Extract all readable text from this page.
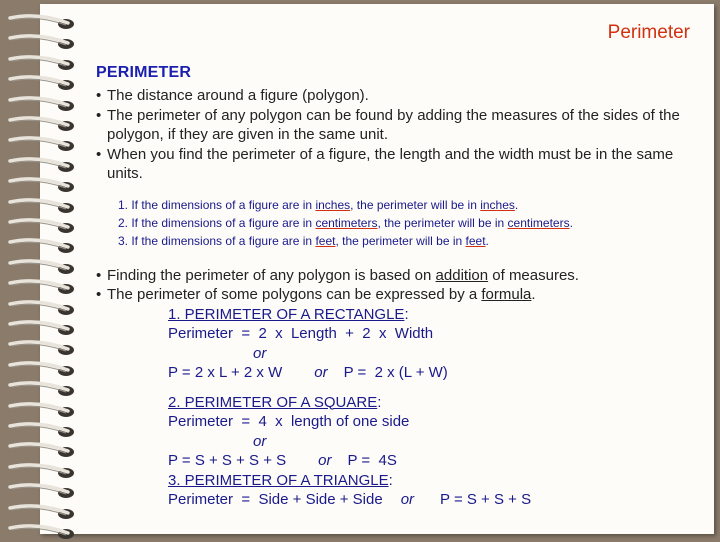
Perimeter
PERIMETER
• The distance around a figure (polygon).
• The perimeter of any polygon can be found by adding the measures of the sides of the polygon, if they are given in the same unit.
• When you find the perimeter of a figure, the length and the width must be in the same units.
1. If the dimensions of a figure are in inches, the perimeter will be in inches.
2. If the dimensions of a figure are in centimeters, the perimeter will be in centimeters.
3. If the dimensions of a figure are in feet, the perimeter will be in feet.
• Finding the perimeter of any polygon is based on addition of measures.
• The perimeter of some polygons can be expressed by a formula.
1. PERIMETER OF A RECTANGLE:
Perimeter  =  2  x  Length  +  2  x  Width
or
P = 2 x L + 2 x W or P =  2 x (L + W)
2. PERIMETER OF A SQUARE:
Perimeter  =  4  x  length of one side
or
P = S + S + S + S or P =  4S
3. PERIMETER OF A TRIANGLE:
Perimeter  =  Side + Side + Side or P = S + S + S
